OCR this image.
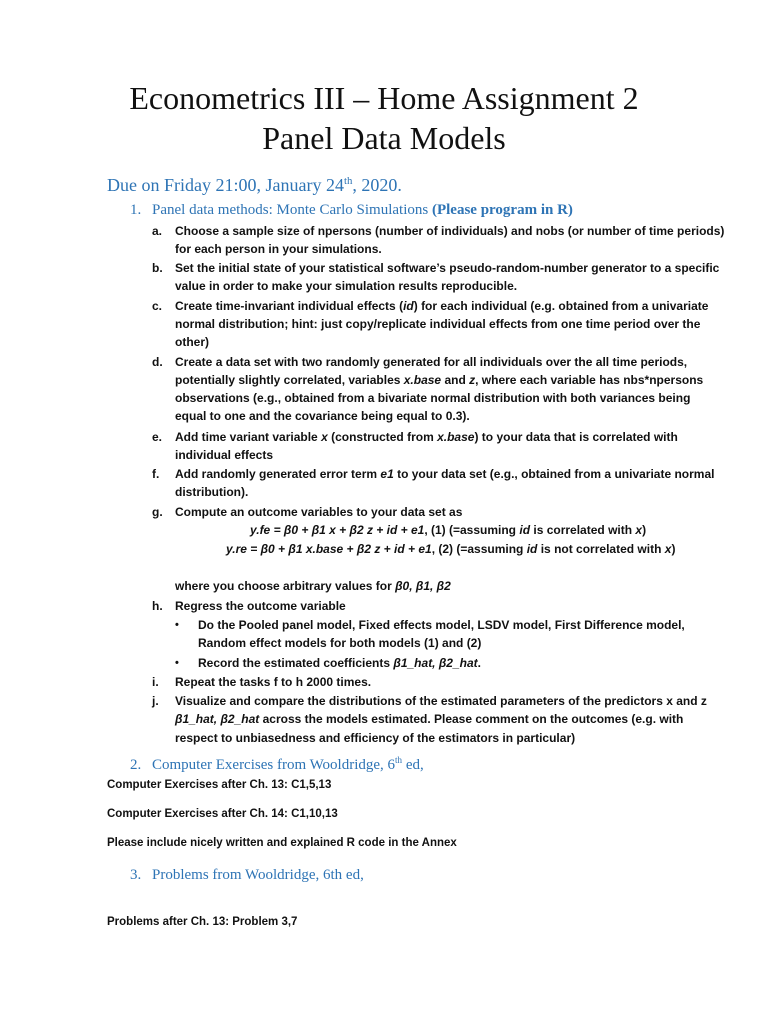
Econometrics III – Home Assignment 2
Panel Data Models
Due on Friday 21:00, January 24th, 2020.
1. Panel data methods: Monte Carlo Simulations (Please program in R)
a. Choose a sample size of npersons (number of individuals) and nobs (or number of time periods)
for each person in your simulations.
b. Set the initial state of your statistical software’s pseudo-random-number generator to a specific
value in order to make your simulation results reproducible.
c. Create time-invariant individual effects (id) for each individual (e.g. obtained from a univariate
normal distribution; hint: just copy/replicate individual effects from one time period over the
other)
d. Create a data set with two randomly generated for all individuals over the all time periods,
potentially slightly correlated, variables x.base and z, where each variable has nbs*npersons
observations (e.g., obtained from a bivariate normal distribution with both variances being
equal to one and the covariance being equal to 0.3).
e. Add time variant variable x (constructed from x.base) to your data that is correlated with
individual effects
f. Add randomly generated error term e1 to your data set (e.g., obtained from a univariate normal
distribution).
g. Compute an outcome variables to your data set as
y.fe = β0 + β1 x + β2 z + id + e1, (1) (=assuming id is correlated with x)
y.re = β0 + β1 x.base + β2 z + id + e1, (2) (=assuming id is not correlated with x)
where you choose arbitrary values for β0, β1, β2
h. Regress the outcome variable
• Do the Pooled panel model, Fixed effects model, LSDV model, First Difference model,
Random effect models for both models (1) and (2)
• Record the estimated coefficients β1_hat, β2_hat.
i. Repeat the tasks f to h 2000 times.
j. Visualize and compare the distributions of the estimated parameters of the predictors x and z
β1_hat, β2_hat across the models estimated. Please comment on the outcomes (e.g. with
respect to unbiasedness and efficiency of the estimators in particular)
2. Computer Exercises from Wooldridge, 6th ed,
Computer Exercises after Ch. 13: C1,5,13
Computer Exercises after Ch. 14: C1,10,13
Please include nicely written and explained R code in the Annex
3. Problems from Wooldridge, 6th ed,
Problems after Ch. 13: Problem 3,7
